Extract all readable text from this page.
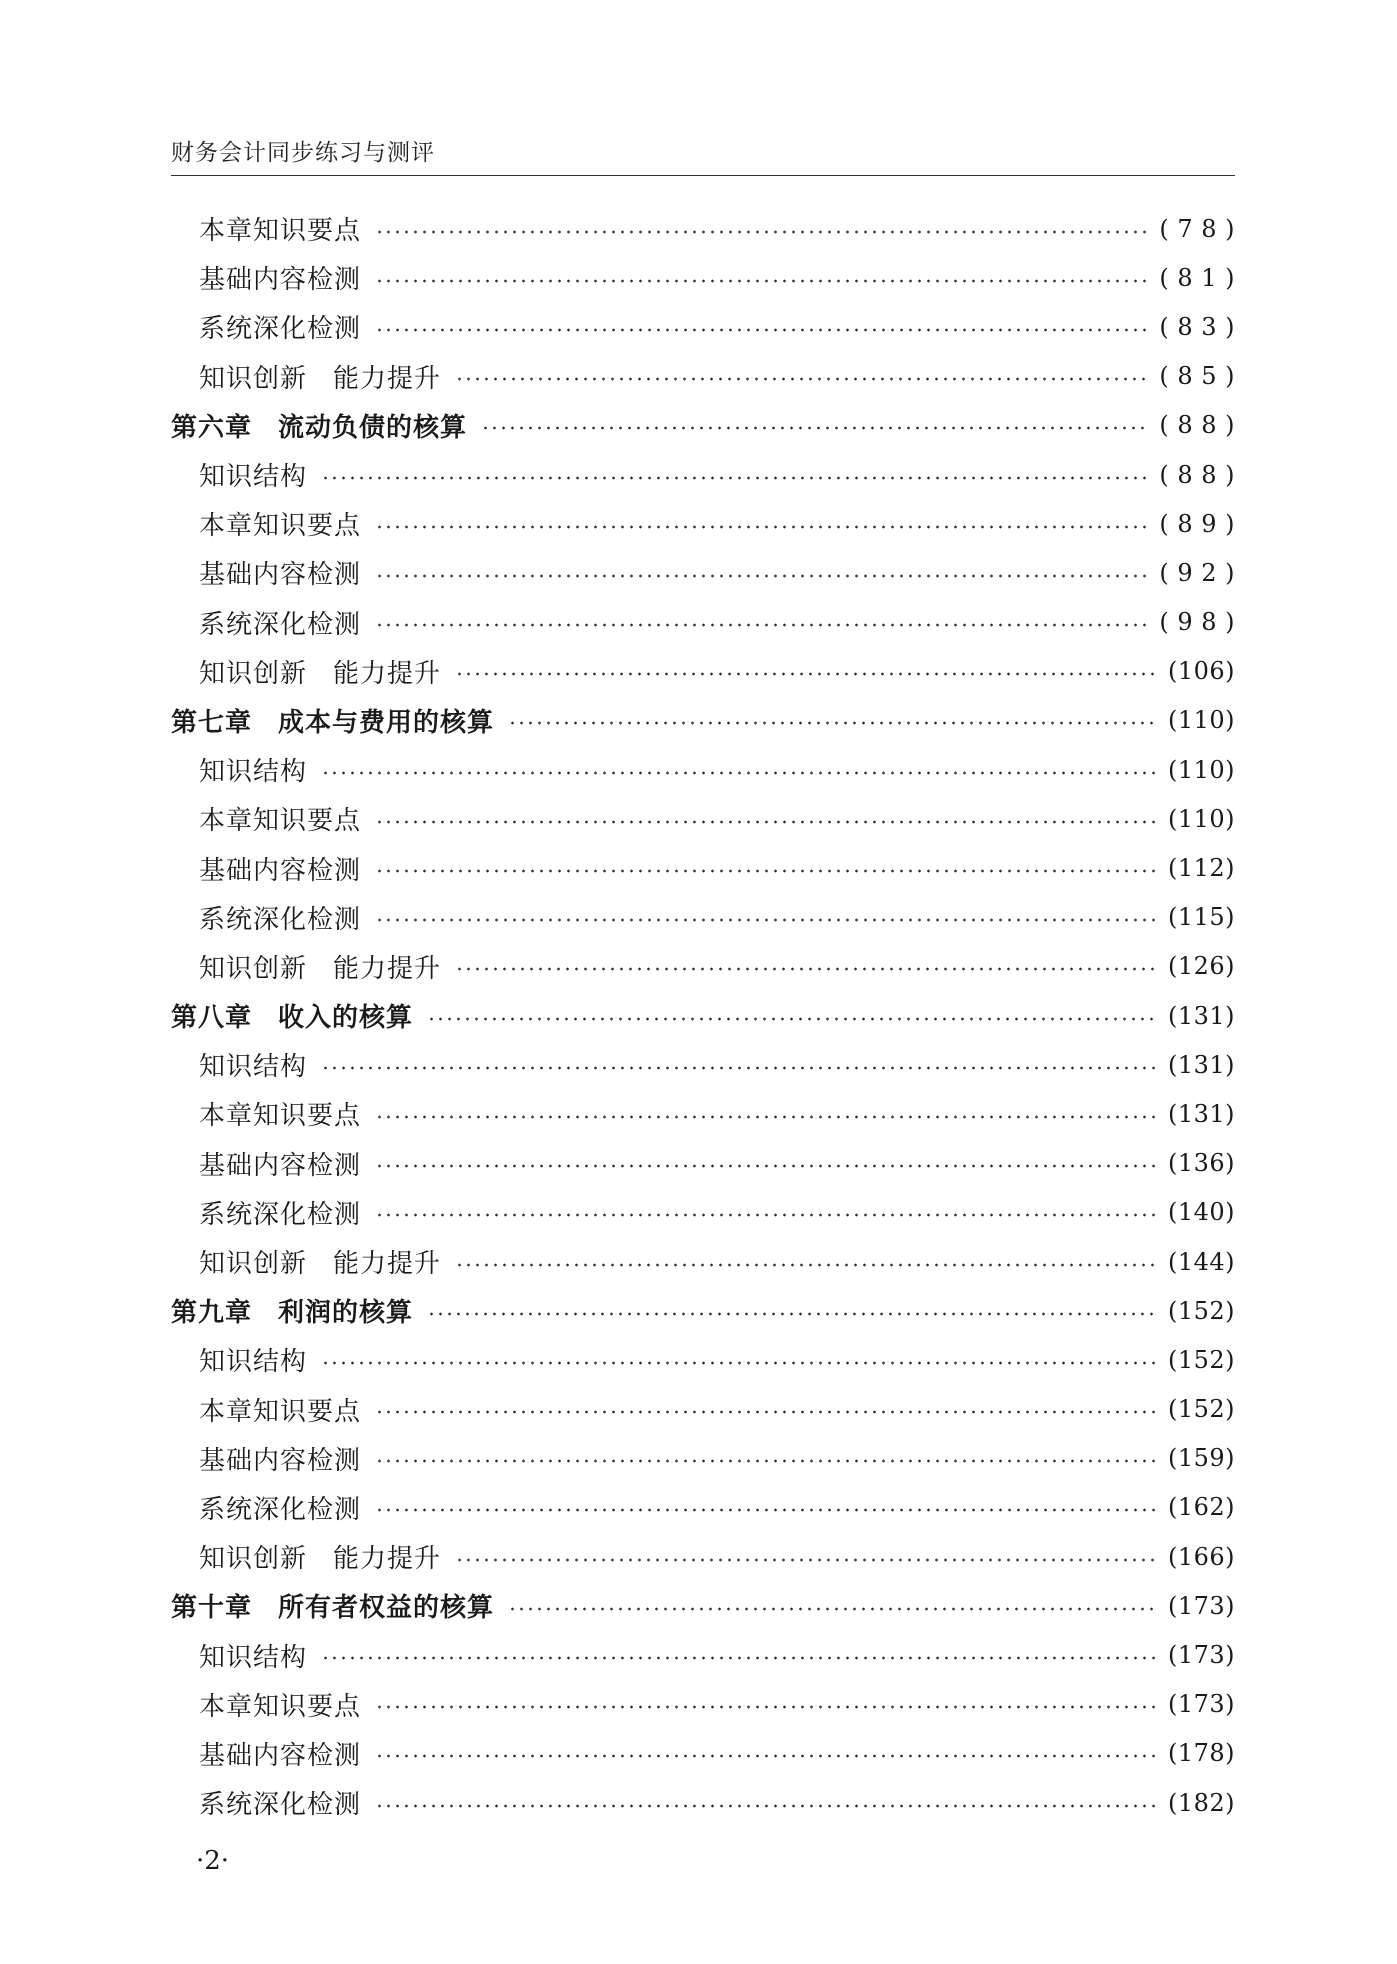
财务会计同步练习与测评
本章知识要点	( 7 8 )
基础内容检测	( 8 1 )
系统深化检测	( 8 3 )
知识创新 能力提升	( 8 5 )
第六章 流动负债的核算	( 8 8 )
知识结构	( 8 8 )
本章知识要点	( 8 9 )
基础内容检测	( 9 2 )
系统深化检测	( 9 8 )
知识创新 能力提升	(106)
第七章 成本与费用的核算	(110)
知识结构	(110)
本章知识要点	(110)
基础内容检测	(112)
系统深化检测	(115)
知识创新 能力提升	(126)
第八章 收入的核算	(131)
知识结构	(131)
本章知识要点	(131)
基础内容检测	(136)
系统深化检测	(140)
知识创新 能力提升	(144)
第九章 利润的核算	(152)
知识结构	(152)
本章知识要点	(152)
基础内容检测	(159)
系统深化检测	(162)
知识创新 能力提升	(166)
第十章 所有者权益的核算	(173)
知识结构	(173)
本章知识要点	(173)
基础内容检测	(178)
系统深化检测	(182)
·2·
